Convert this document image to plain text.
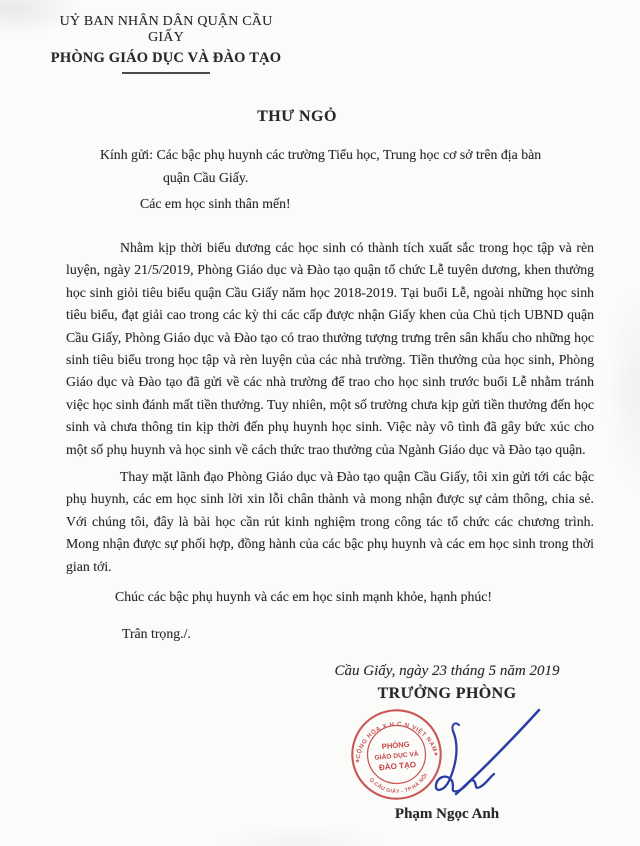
UỶ BAN NHÂN DÂN QUẬN CẦU GIẤY
PHÒNG GIÁO DỤC VÀ ĐÀO TẠO
THƯ NGỎ
Kính gửi: Các bậc phụ huynh các trường Tiểu học, Trung học cơ sở trên địa bàn
quận Cầu Giấy.
Các em học sinh thân mến!

Nhằm kịp thời biểu dương các học sinh có thành tích xuất sắc trong học tập và rèn luyện, ngày 21/5/2019, Phòng Giáo dục và Đào tạo quận tổ chức Lễ tuyên dương, khen thưởng học sinh giỏi tiêu biểu quận Cầu Giấy năm học 2018-2019. Tại buổi Lễ, ngoài những học sinh tiêu biểu, đạt giải cao trong các kỳ thi các cấp được nhận Giấy khen của Chủ tịch UBND quận Cầu Giấy, Phòng Giáo dục và Đào tạo có trao thưởng tượng trưng trên sân khấu cho những học sinh tiêu biểu trong học tập và rèn luyện của các nhà trường. Tiền thưởng của học sinh, Phòng Giáo dục và Đào tạo đã gửi về các nhà trường để trao cho học sinh trước buổi Lễ nhằm tránh việc học sinh đánh mất tiền thưởng. Tuy nhiên, một số trường chưa kịp gửi tiền thưởng đến học sinh và chưa thông tin kịp thời đến phụ huynh học sinh. Việc này vô tình đã gây bức xúc cho một số phụ huynh và học sinh về cách thức trao thưởng của Ngành Giáo dục và Đào tạo quận.

Thay mặt lãnh đạo Phòng Giáo dục và Đào tạo quận Cầu Giấy, tôi xin gửi tới các bậc phụ huynh, các em học sinh lời xin lỗi chân thành và mong nhận được sự cảm thông, chia sẻ. Với chúng tôi, đây là bài học cần rút kinh nghiệm trong công tác tổ chức các chương trình. Mong nhận được sự phối hợp, đồng hành của các bậc phụ huynh và các em học sinh trong thời gian tới.

Chúc các bậc phụ huynh và các em học sinh mạnh khỏe, hạnh phúc!

Trân trọng./.
Cầu Giấy, ngày 23 tháng 5 năm 2019
TRƯỞNG PHÒNG
Phạm Ngọc Anh
CỘNG HÒA X.H.C.N VIỆT NAM
Q.CẦU GIẤY - TP.HÀ NỘI
★
★
PHÒNG
GIÁO DỤC VÀ
ĐÀO TẠO
